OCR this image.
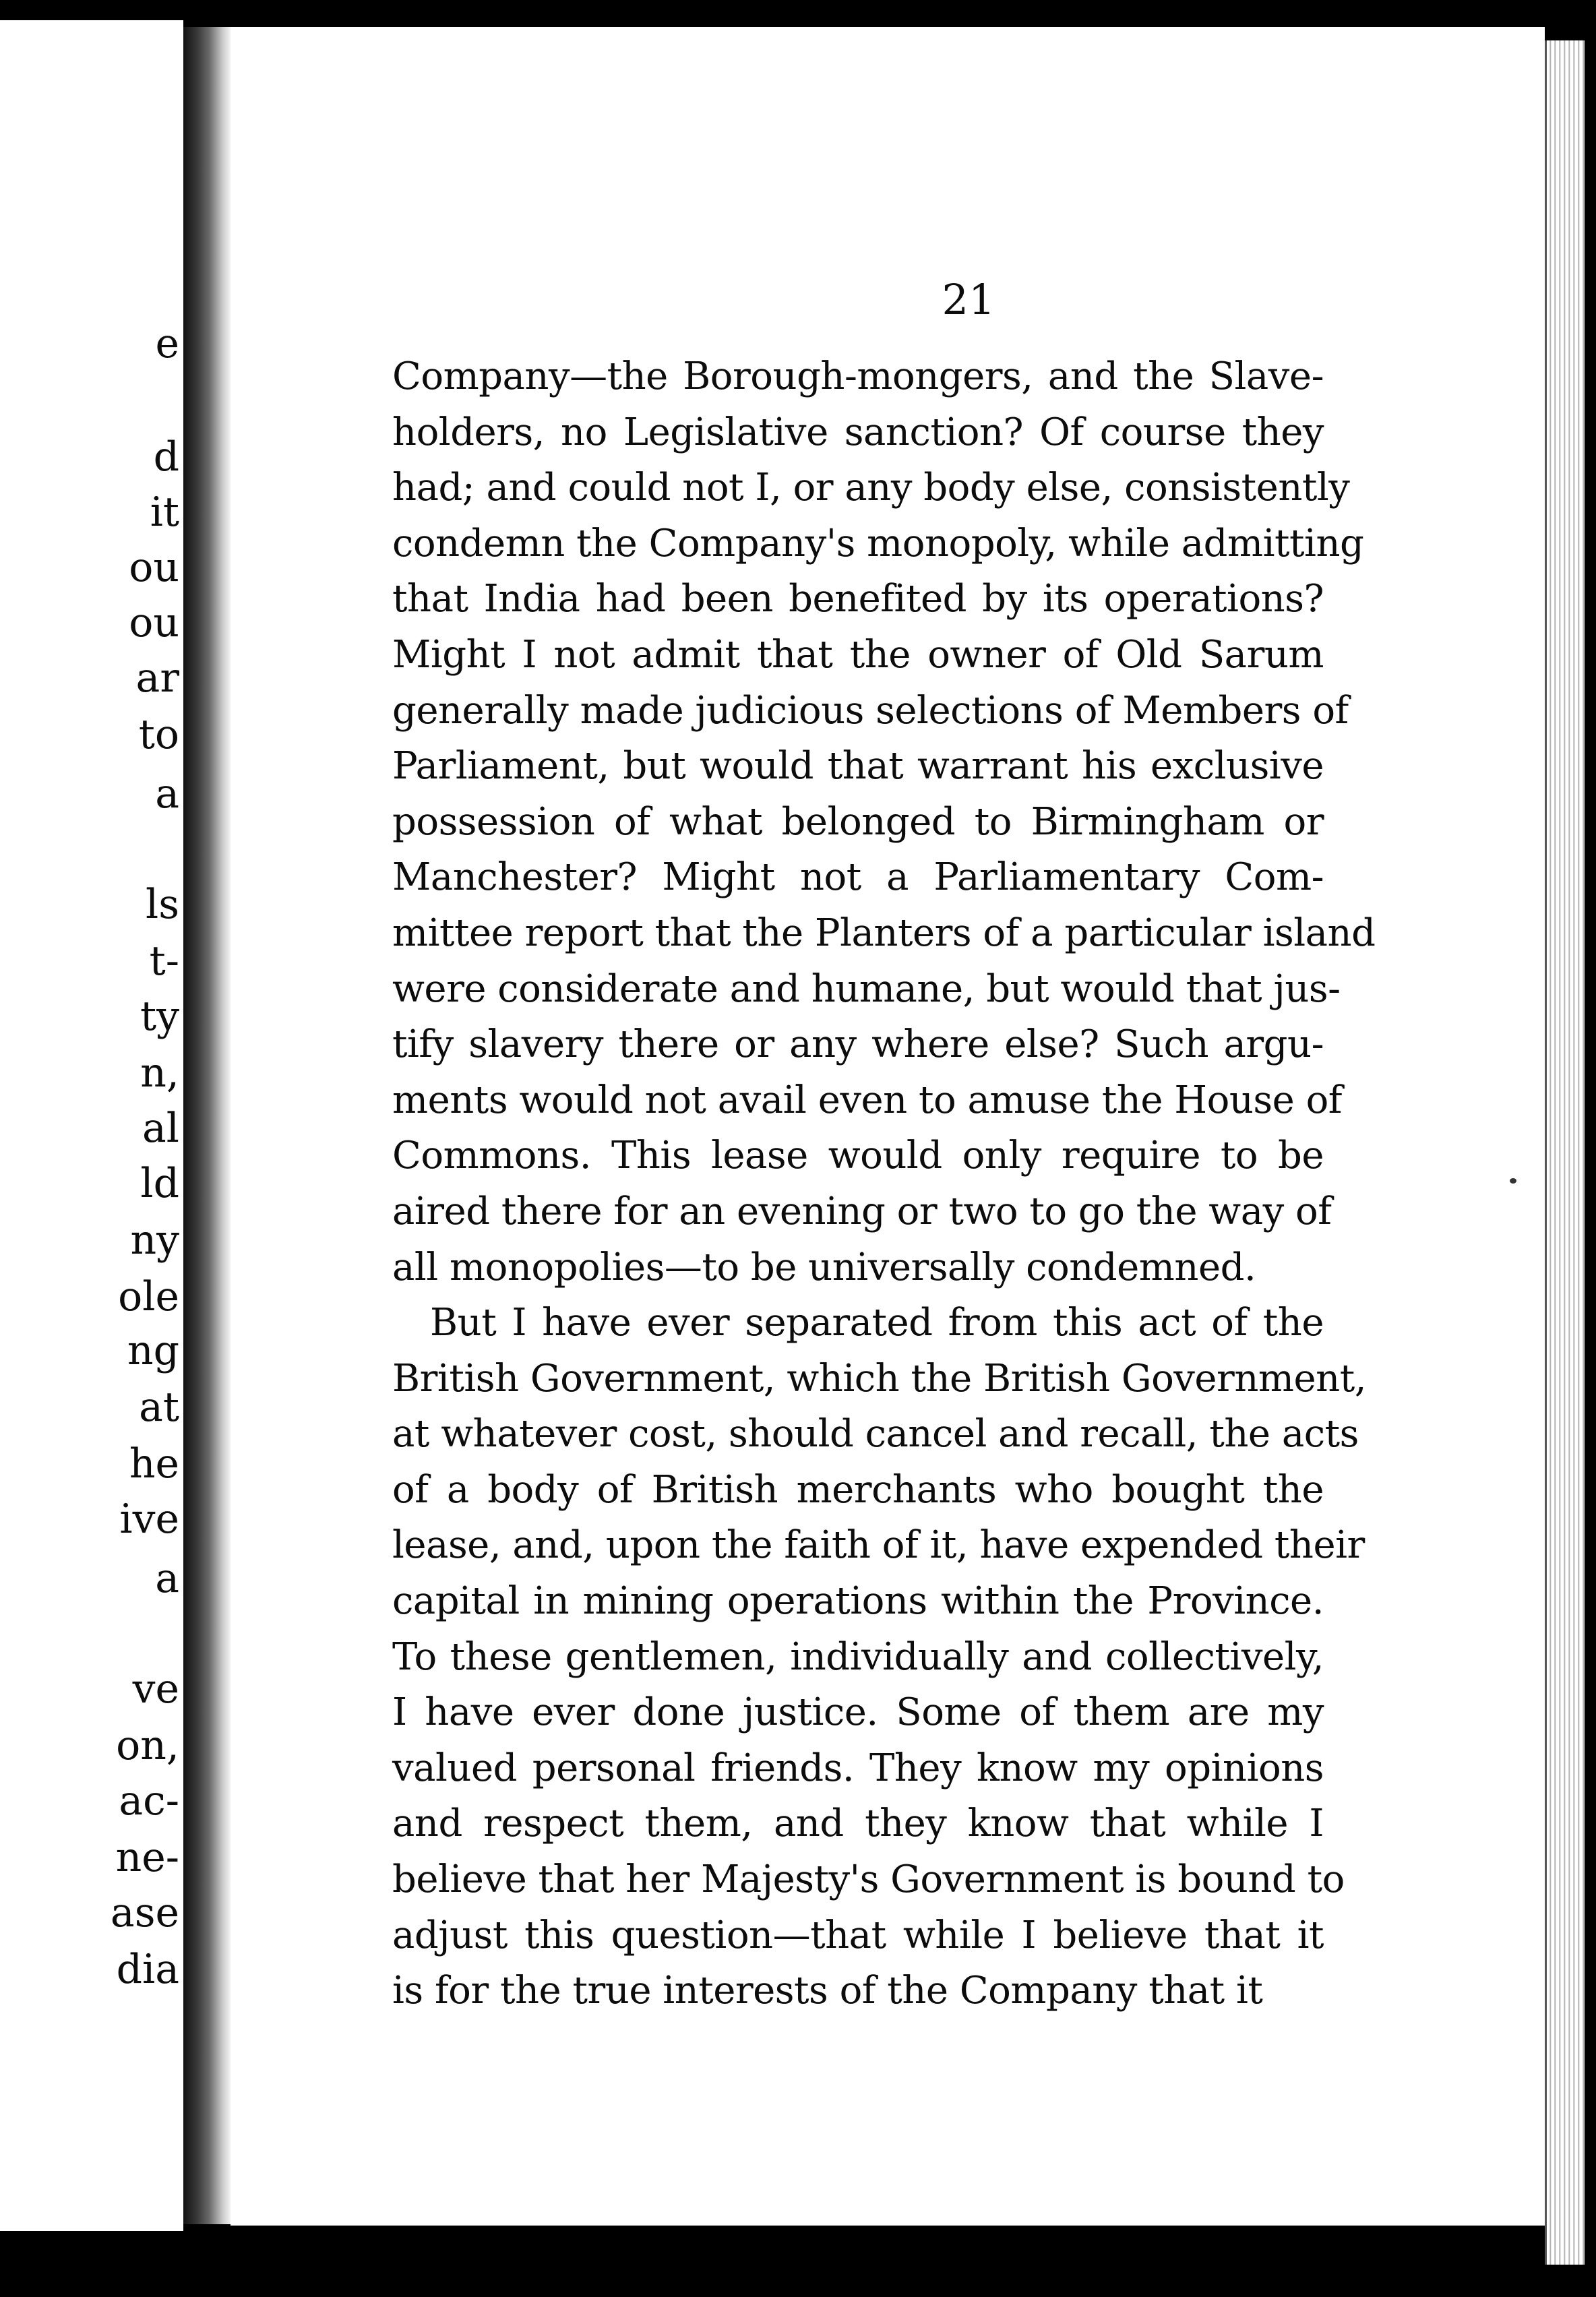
e
d
it
ou
ou
ar
to
a
ls
t-
ty
n,
al
ld
ny
ole
ng
at
he
ive
a
ve
on,
ac-
ne-
ase
dia
21
Company—the Borough-mongers, and the Slave-
holders, no Legislative sanction? Of course they
had; and could not I, or any body else, consistently
condemn the Company's monopoly, while admitting
that India had been benefited by its operations?
Might I not admit that the owner of Old Sarum
generally made judicious selections of Members of
Parliament, but would that warrant his exclusive
possession of what belonged to Birmingham or
Manchester? Might not a Parliamentary Com-
mittee report that the Planters of a particular island
were considerate and humane, but would that jus-
tify slavery there or any where else? Such argu-
ments would not avail even to amuse the House of
Commons. This lease would only require to be
aired there for an evening or two to go the way of
all monopolies—to be universally condemned.
But I have ever separated from this act of the
British Government, which the British Government,
at whatever cost, should cancel and recall, the acts
of a body of British merchants who bought the
lease, and, upon the faith of it, have expended their
capital in mining operations within the Province.
To these gentlemen, individually and collectively,
I have ever done justice. Some of them are my
valued personal friends. They know my opinions
and respect them, and they know that while I
believe that her Majesty's Government is bound to
adjust this question—that while I believe that it
is for the true interests of the Company that it
